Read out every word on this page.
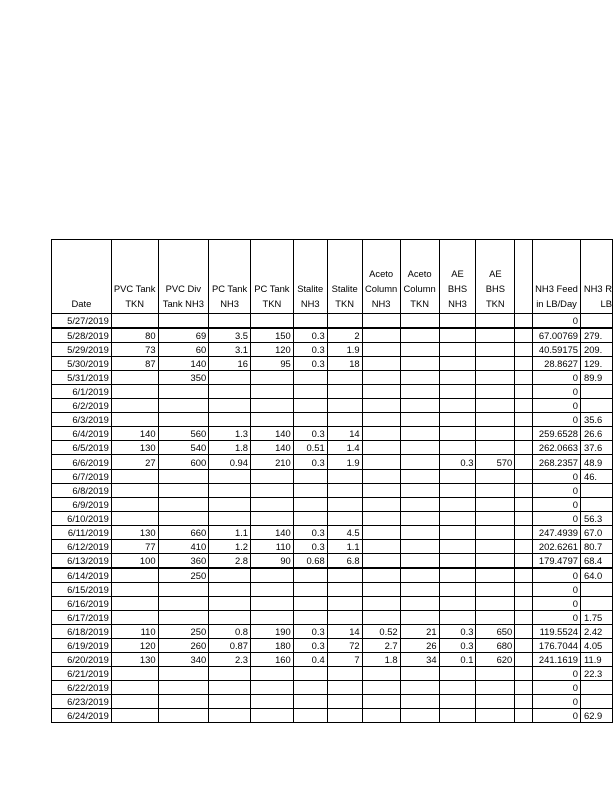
Date	PVC Tank TKN	PVC Div Tank NH3	PC Tank NH3	PC Tank TKN	Stalite NH3	Stalite TKN	Aceto Column NH3	Aceto Column TKN	AE BHS NH3	AE BHS TKN		NH3 Feed in LB/Day	NH3 R LB
5/27/2019												0	
5/28/2019	80	69	3.5	150	0.3	2						67.00769	279.
5/29/2019	73	60	3.1	120	0.3	1.9						40.59175	209.
5/30/2019	87	140	16	95	0.3	18						28.8627	129.
5/31/2019		350										0	89.9
6/1/2019												0	
6/2/2019												0	
6/3/2019												0	35.6
6/4/2019	140	560	1.3	140	0.3	14						259.6528	26.6
6/5/2019	130	540	1.8	140	0.51	1.4						262.0663	37.6
6/6/2019	27	600	0.94	210	0.3	1.9			0.3	570		268.2357	48.9
6/7/2019												0	46.
6/8/2019												0	
6/9/2019												0	
6/10/2019												0	56.3
6/11/2019	130	660	1.1	140	0.3	4.5						247.4939	67.0
6/12/2019	77	410	1.2	110	0.3	1.1						202.6261	80.7
6/13/2019	100	360	2.8	90	0.68	6.8						179.4797	68.4
6/14/2019		250										0	64.0
6/15/2019												0	
6/16/2019												0	
6/17/2019												0	1.75
6/18/2019	110	250	0.8	190	0.3	14	0.52	21	0.3	650		119.5524	2.42
6/19/2019	120	260	0.87	180	0.3	72	2.7	26	0.3	680		176.7044	4.05
6/20/2019	130	340	2.3	160	0.4	7	1.8	34	0.1	620		241.1619	11.9
6/21/2019												0	22.3
6/22/2019												0	
6/23/2019												0	
6/24/2019												0	62.9
